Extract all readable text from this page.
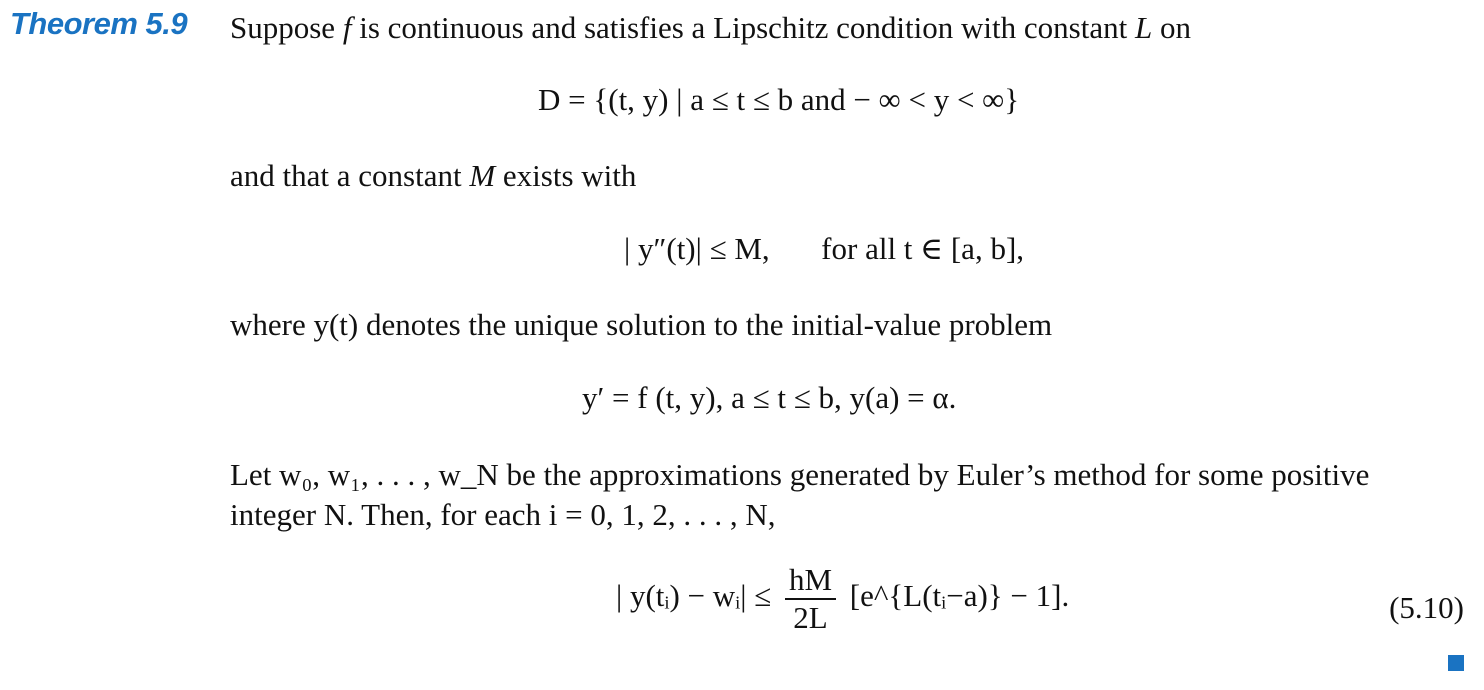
Theorem 5.9 Suppose f is continuous and satisfies a Lipschitz condition with constant L on
D = {(t, y) | a ≤ t ≤ b and − ∞ < y < ∞}
and that a constant M exists with
| y″(t)| ≤ M, for all t ∈ [a, b],
where y(t) denotes the unique solution to the initial-value problem
y′ = f (t, y), a ≤ t ≤ b, y(a) = α.
Let w₀, w₁, . . . , w_N be the approximations generated by Euler’s method for some positive
integer N. Then, for each i = 0, 1, 2, . . . , N,
| y(tᵢ) − wᵢ| ≤ $\frac{hM}{2L}$ [e^{L(tᵢ−a)} − 1].	(5.10)
